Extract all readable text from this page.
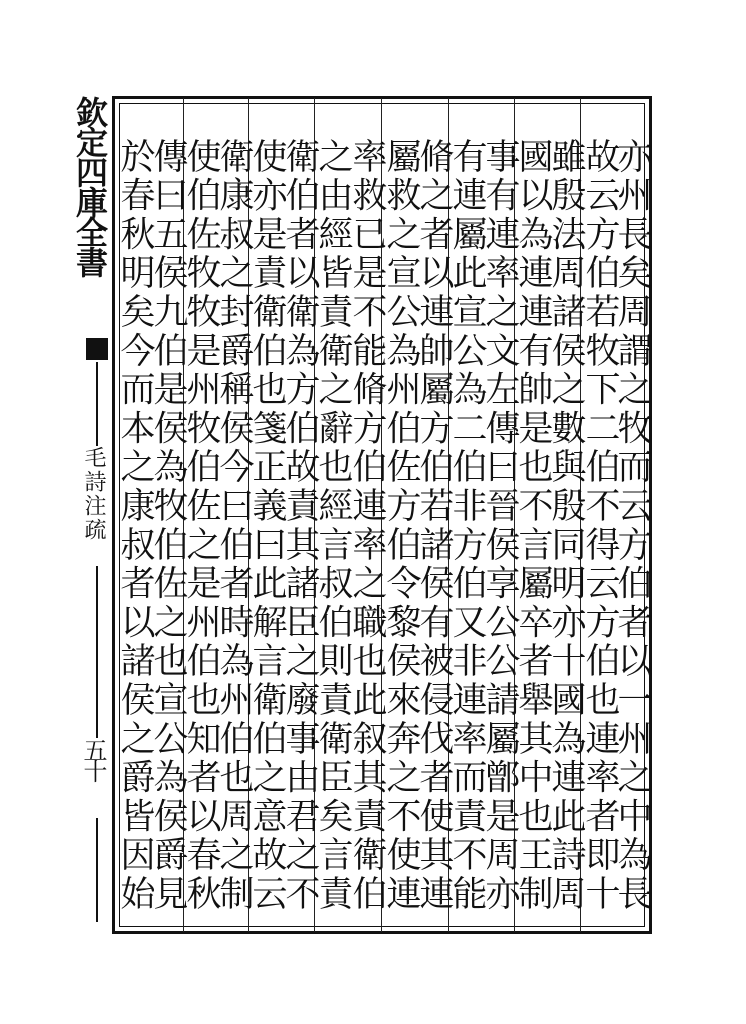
欽定四庫全書
毛詩注疏
五十	亦州長矣周謂之牧而云方伯者以一州之中為長
故云方伯若牧下二伯不得云方伯也連率者即十
雖殷法周諸侯之數與殷同明亦十國為連此詩周
國以為連連有帥是也不言屬卒者舉其中也王制
事有連率之文左傳曰晉侯享公公請屬鄫是周亦
有連屬此宣公為二伯非方伯又非連率而責不能
脩之者以連帥屬方伯若諸侯有被侵伐者使其連
屬救之宣公為州伯佐方伯令黎侯來奔之不使連
率救已是不能脩方伯連率之職也此叙其責衛伯
之由經皆責衛之辭也經言叔伯則責衛臣矣言責
衛伯者以衛為方伯故責其諸臣之廢事由君之不
使亦是責衛伯也箋正義曰此解言衛伯之意故云
衛康叔之封爵稱侯今曰伯者時為州伯也周之制
使伯佐牧牧是州牧伯佐之是州伯也知者以春秋
傳曰五侯九伯是侯為牧伯佐之也宣公為侯爵見
於春秋明矣今而本之康叔者以諸侯之爵皆因始
